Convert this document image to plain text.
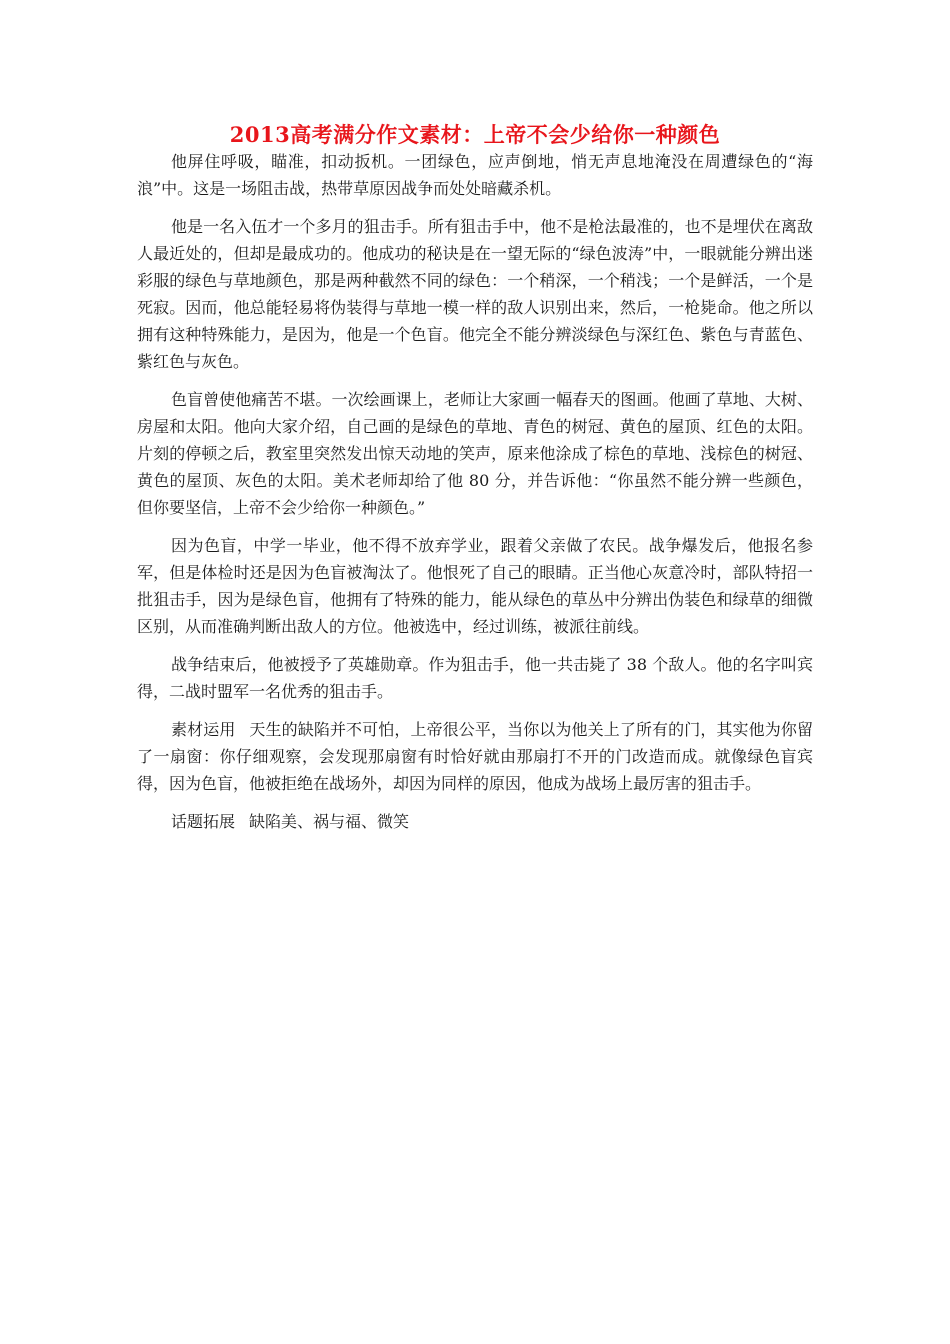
2013高考满分作文素材：上帝不会少给你一种颜色

他屏住呼吸，瞄准，扣动扳机。一团绿色，应声倒地，悄无声息地淹没在周遭绿色的“海浪”中。这是一场阻击战，热带草原因战争而处处暗藏杀机。

他是一名入伍才一个多月的狙击手。所有狙击手中，他不是枪法最准的，也不是埋伏在离敌人最近处的，但却是最成功的。他成功的秘诀是在一望无际的“绿色波涛”中，一眼就能分辨出迷彩服的绿色与草地颜色，那是两种截然不同的绿色：一个稍深，一个稍浅；一个是鲜活，一个是死寂。因而，他总能轻易将伪装得与草地一模一样的敌人识别出来，然后，一枪毙命。他之所以拥有这种特殊能力，是因为，他是一个色盲。他完全不能分辨淡绿色与深红色、紫色与青蓝色、紫红色与灰色。

色盲曾使他痛苦不堪。一次绘画课上，老师让大家画一幅春天的图画。他画了草地、大树、房屋和太阳。他向大家介绍，自己画的是绿色的草地、青色的树冠、黄色的屋顶、红色的太阳。片刻的停顿之后，教室里突然发出惊天动地的笑声，原来他涂成了棕色的草地、浅棕色的树冠、黄色的屋顶、灰色的太阳。美术老师却给了他 80 分，并告诉他：“你虽然不能分辨一些颜色，但你要坚信，上帝不会少给你一种颜色。”

因为色盲，中学一毕业，他不得不放弃学业，跟着父亲做了农民。战争爆发后，他报名参军，但是体检时还是因为色盲被淘汰了。他恨死了自己的眼睛。正当他心灰意冷时，部队特招一批狙击手，因为是绿色盲，他拥有了特殊的能力，能从绿色的草丛中分辨出伪装色和绿草的细微区别，从而准确判断出敌人的方位。他被选中，经过训练，被派往前线。

战争结束后，他被授予了英雄勋章。作为狙击手，他一共击毙了 38 个敌人。他的名字叫宾得，二战时盟军一名优秀的狙击手。

素材运用 天生的缺陷并不可怕，上帝很公平，当你以为他关上了所有的门，其实他为你留了一扇窗：你仔细观察，会发现那扇窗有时恰好就由那扇打不开的门改造而成。就像绿色盲宾得，因为色盲，他被拒绝在战场外，却因为同样的原因，他成为战场上最厉害的狙击手。

话题拓展 缺陷美、祸与福、微笑
